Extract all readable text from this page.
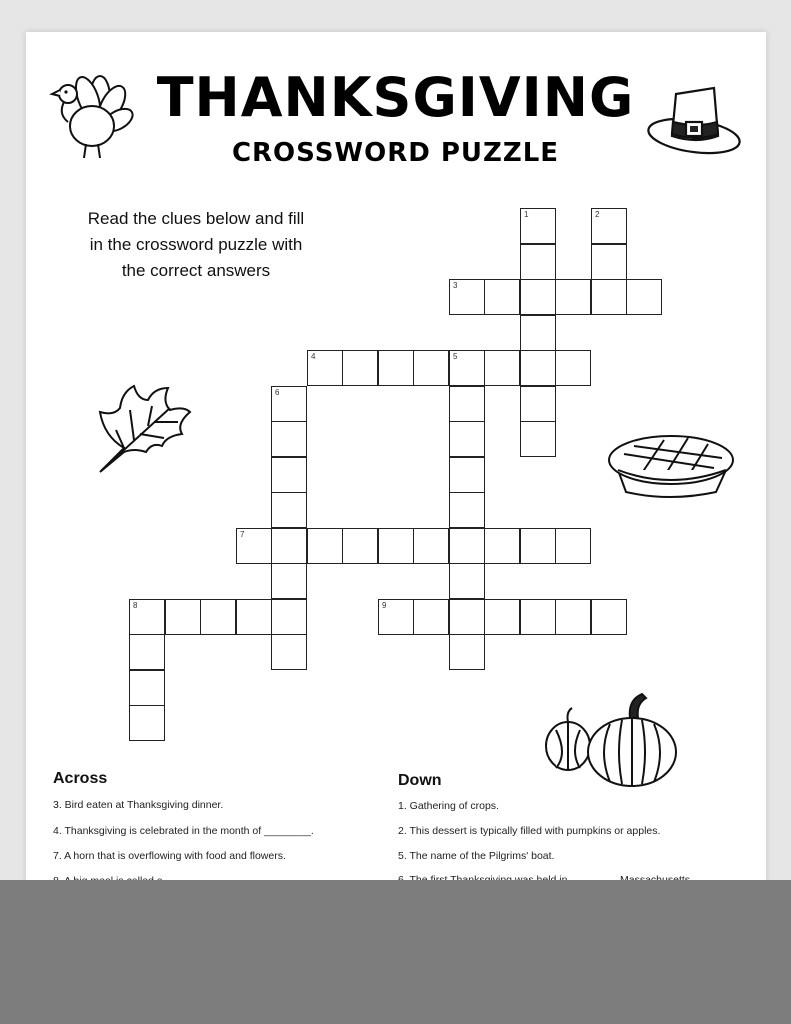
THANKSGIVING
CROSSWORD PUZZLE
Read the clues below and fill
in the crossword puzzle with
the correct answers
1	2
3
4	5
6
7
8	9
Across
3. Bird eaten at Thanksgiving dinner.
4. Thanksgiving is celebrated in the month of ________.
7. A horn that is overflowing with food and flowers.
Down
1. Gathering of crops.
2. This dessert is typically filled with pumpkins or apples.
5. The name of the Pilgrims' boat.
